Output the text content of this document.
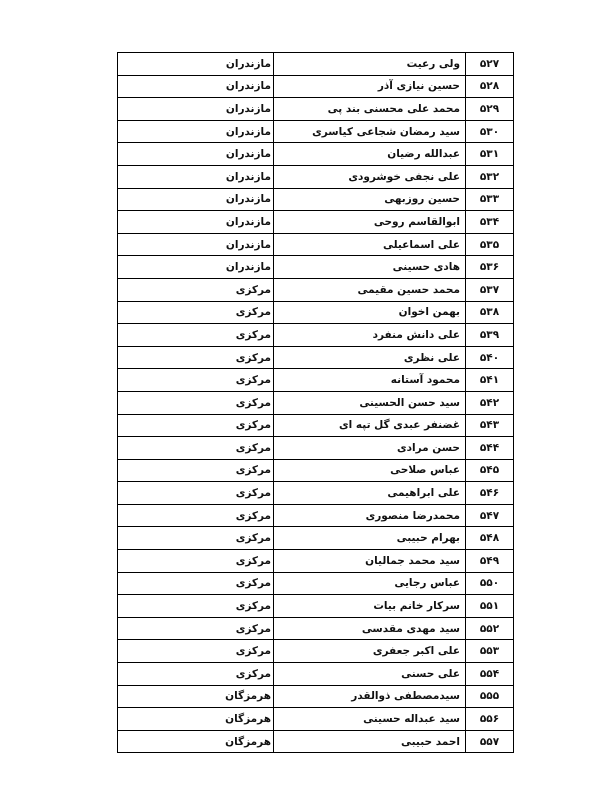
۵۲۷	ولی رعیت	مازندران
۵۲۸	حسین نیازی آذر	مازندران
۵۲۹	محمد علی محسنی بند پی	مازندران
۵۳۰	سید رمضان شجاعی کیاسری	مازندران
۵۳۱	عبدالله رضیان	مازندران
۵۳۲	علی نجفی خوشرودی	مازندران
۵۳۳	حسین روزبهی	مازندران
۵۳۴	ابوالقاسم روحی	مازندران
۵۳۵	علی اسماعیلی	مازندران
۵۳۶	هادی حسینی	مازندران
۵۳۷	محمد حسین مقیمی	مرکزی
۵۳۸	بهمن اخوان	مرکزی
۵۳۹	علی دانش منفرد	مرکزی
۵۴۰	علی نظری	مرکزی
۵۴۱	محمود آستانه	مرکزی
۵۴۲	سید حسن الحسینی	مرکزی
۵۴۳	غضنفر عبدی گل تپه ای	مرکزی
۵۴۴	حسن مرادی	مرکزی
۵۴۵	عباس صلاحی	مرکزی
۵۴۶	علی ابراهیمی	مرکزی
۵۴۷	محمدرضا منصوری	مرکزی
۵۴۸	بهرام حبیبی	مرکزی
۵۴۹	سید محمد جمالیان	مرکزی
۵۵۰	عباس رجایی	مرکزی
۵۵۱	سرکار خانم بیات	مرکزی
۵۵۲	سید مهدی مقدسی	مرکزی
۵۵۳	علی اکبر جعفری	مرکزی
۵۵۴	علی حسنی	مرکزی
۵۵۵	سیدمصطفی ذوالقدر	هرمزگان
۵۵۶	سید عبداله حسینی	هرمزگان
۵۵۷	احمد حبیبی	هرمزگان
